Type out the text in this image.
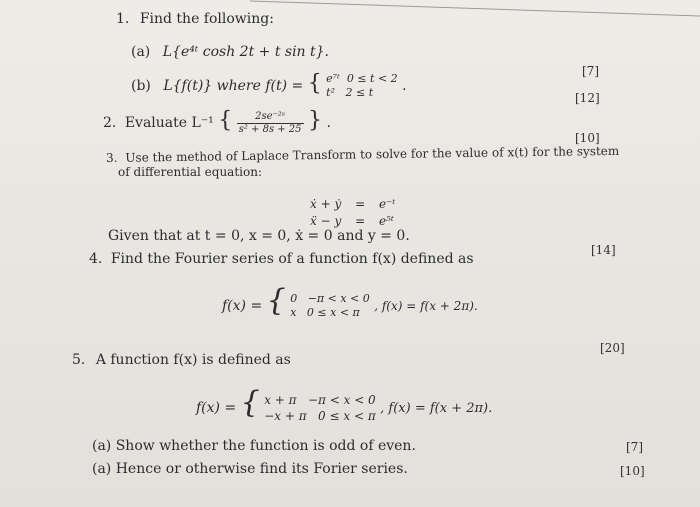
1. Find the following:
(a) L{e⁴ᵗ cosh 2t + t sin t}.
[7]
(b) L{f(t)} where f(t) = { e⁷ᵗ 0 ≤ t < 2
t² 2 ≤ t	.
[12]
2. Evaluate L⁻¹ { $\frac{\text{2se⁻²ˢ}}{\text{s² + 8s + 25}}$ } .
[10]
3. Use the method of Laplace Transform to solve for the value of x(t) for the system
of differential equation:
ẋ + ẏ = e⁻ᵗ
ẍ − y = e⁵ᵗ
Given that at t = 0, x = 0, ẋ = 0 and y = 0.
[14]
4. Find the Fourier series of a function f(x) defined as
f(x) = { 0 −π < x < 0
x 0 ≤ x < π	, f(x) = f(x + 2π).
[20]
5. A function f(x) is defined as
f(x) = { x + π −π < x < 0
−x + π 0 ≤ x < π , f(x) = f(x + 2π).
(a) Show whether the function is odd of even.	[7]
(a) Hence or otherwise find its Forier series.	[10]
